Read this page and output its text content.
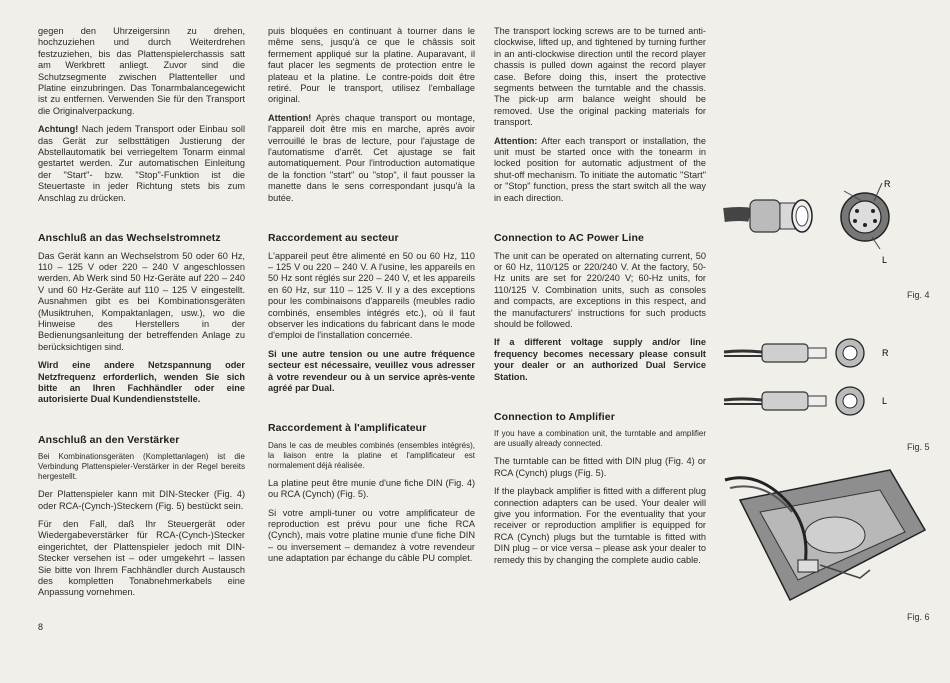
gegen den Uhrzeigersinn zu drehen, hochzuziehen und durch Weiterdrehen festzuziehen, bis das Plattenspielerchassis satt am Werkbrett anliegt. Zuvor sind die Schutzsegmente zwischen Plattenteller und Platine einzubringen. Das Tonarmbalancegewicht ist zu entfernen. Verwenden Sie für den Transport die Originalverpackung.

Achtung! Nach jedem Transport oder Einbau soll das Gerät zur selbsttätigen Justierung der Abstellautomatik bei verriegeltem Tonarm einmal gestartet werden. Zur automatischen Einleitung der "Start"- bzw. "Stop"-Funktion ist die Steuertaste in jeder Richtung stets bis zum Anschlag zu drücken.

Anschluß an das Wechselstromnetz

Das Gerät kann an Wechselstrom 50 oder 60 Hz, 110 – 125 V oder 220 – 240 V angeschlossen werden. Ab Werk sind 50 Hz-Geräte auf 220 – 240 V und 60 Hz-Geräte auf 110 – 125 V eingestellt. Ausnahmen gibt es bei Kombinationsgeräten (Musiktruhen, Kompaktanlagen, usw.), wo die Hinweise des Herstellers in der Bedienungsanleitung der betreffenden Anlage zu berücksichtigen sind.

Wird eine andere Netzspannung oder Netzfrequenz erforderlich, wenden Sie sich bitte an Ihren Fachhändler oder eine autorisierte Dual Kundendienststelle.

Anschluß an den Verstärker

Bei Kombinationsgeräten (Komplettanlagen) ist die Verbindung Plattenspieler-Verstärker in der Regel bereits hergestellt.

Der Plattenspieler kann mit DIN-Stecker (Fig. 4) oder RCA-(Cynch-)Steckern (Fig. 5) bestückt sein.

Für den Fall, daß Ihr Steuergerät oder Wiedergabeverstärker für RCA-(Cynch-)Stecker eingerichtet, der Plattenspieler jedoch mit DIN-Stecker versehen ist – oder umgekehrt – lassen Sie bitte von Ihrem Fachhändler durch Austausch des kompletten Tonabnehmerkabels eine Anpassung vornehmen.

puis bloquées en continuant à tourner dans le même sens, jusqu'à ce que le châssis soit fermement appliqué sur la platine. Auparavant, il faut placer les segments de protection entre le plateau et la platine. Le contre-poids doit être retiré. Pour le transport, utilisez l'emballage original.

Attention! Après chaque transport ou montage, l'appareil doit être mis en marche, après avoir verrouillé le bras de lecture, pour l'ajustage de l'automatisme d'arrêt. Cet ajustage se fait automatiquement. Pour l'introduction automatique de la fonction "start" ou "stop", il faut pousser la manette dans le sens correspondant jusqu'à la butée.

Raccordement au secteur

L'appareil peut être alimenté en 50 ou 60 Hz, 110 – 125 V ou 220 – 240 V. A l'usine, les appareils en 50 Hz sont réglés sur 220 – 240 V, et les appareils en 60 Hz, sur 110 – 125 V. Il y a des exceptions pour les combinaisons d'appareils (meubles radio combinés, ensembles intégrés etc.), où il faut observer les indications du fabricant dans le mode d'emploi de l'installation concernée.

Si une autre tension ou une autre fréquence secteur est nécessaire, veuillez vous adresser à votre revendeur ou à un service après-vente agréé par Dual.

Raccordement à l'amplificateur

Dans le cas de meubles combinés (ensembles intégrés), la liaison entre la platine et l'amplificateur est normalement déjà réalisée.

La platine peut être munie d'une fiche DIN (Fig. 4) ou RCA (Cynch) (Fig. 5).

Si votre ampli-tuner ou votre amplificateur de reproduction est prévu pour une fiche RCA (Cynch), mais votre platine munie d'une fiche DIN – ou inversement – demandez à votre revendeur une adaptation par échange du câble PU complet.

The transport locking screws are to be turned anti-clockwise, lifted up, and tightened by turning further in an anti-clockwise direction until the record player chassis is pulled down against the record player case. Before doing this, insert the protective segments between the turntable and the chassis. The pick-up arm balance weight should be removed. Use the original packing materials for transport.

Attention: After each transport or installation, the unit must be started once with the tonearm in locked position for automatic adjustment of the shut-off mechanism. To initiate the automatic "Start" or "Stop" function, press the start switch all the way in each direction.

Connection to AC Power Line

The unit can be operated on alternating current, 50 or 60 Hz, 110/125 or 220/240 V. At the factory, 50-Hz units are set for 220/240 V; 60-Hz units, for 110/125 V. Combination units, such as consoles and compacts, are exceptions in this respect, and the manufacturers' instructions for such products should be followed.

If a different voltage supply and/or line frequency becomes necessary please consult your dealer or an authorized Dual Service Station.

Connection to Amplifier

If you have a combination unit, the turntable and amplifier are usually already connected.

The turntable can be fitted with DIN plug (Fig. 4) or RCA (Cynch) plugs (Fig. 5).

If the playback amplifier is fitted with a different plug connection adapters can be used. Your dealer will give you information. For the eventuality that your receiver or reproduction amplifier is equipped for RCA (Cynch) plugs but the turntable is fitted with DIN plug – or vice versa – please ask your dealer to remedy this by changing the complete audio cable.

8
R
L
Fig. 4
R
L
Fig. 5
Fig. 6
